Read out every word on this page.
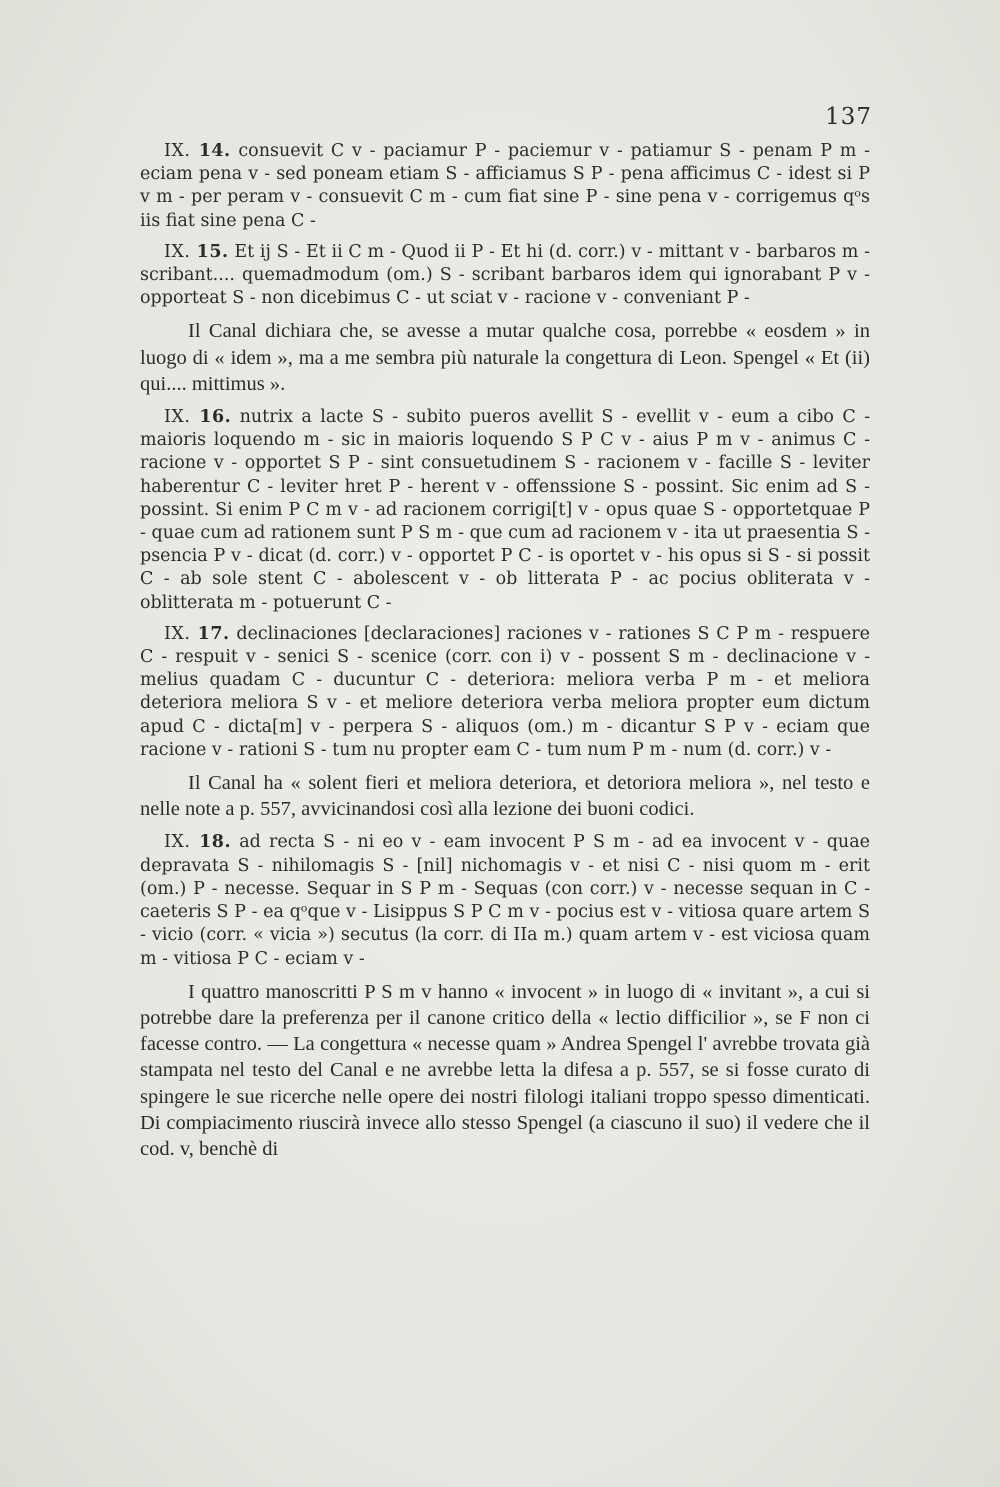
137

IX. 14. consuevit C v - paciamur P - paciemur v - patiamur S - penam P m - eciam pena v - sed poneam etiam S - afficiamus S P - pena afficimus C - idest si P v m - per peram v - consuevit C m - cum fiat sine P - sine pena v - corrigemus qᵒs iis fiat sine pena C -

IX. 15. Et ij S - Et ii C m - Quod ii P - Et hi (d. corr.) v - mittant v - barbaros m - scribant.... quemadmodum (om.) S - scribant barbaros idem qui ignorabant P v - opporteat S - non dicebimus C - ut sciat v - racione v - conveniant P -

Il Canal dichiara che, se avesse a mutar qualche cosa, porrebbe « eosdem » in luogo di « idem », ma a me sembra più naturale la congettura di Leon. Spengel « Et (ii) qui.... mittimus ».

IX. 16. nutrix a lacte S - subito pueros avellit S - evellit v - eum a cibo C - maioris loquendo m - sic in maioris loquendo S P C v - aius P m v - animus C - racione v - opportet S P - sint consuetudinem S - racionem v - facille S - leviter haberentur C - leviter hret P - herent v - offenssione S - possint. Sic enim ad S - possint. Si enim P C m v - ad racionem corrigi[t] v - opus quae S - opportetquae P - quae cum ad rationem sunt P S m - que cum ad racionem v - ita ut praesentia S - psencia P v - dicat (d. corr.) v - opportet P C - is oportet v - his opus si S - si possit C - ab sole stent C - abolescent v - ob litterata P - ac pocius obliterata v - oblitterata m - potuerunt C -

IX. 17. declinaciones [declaraciones] raciones v - rationes S C P m - respuere C - respuit v - senici S - scenice (corr. con i) v - possent S m - declinacione v - melius quadam C - ducuntur C - deteriora: meliora verba P m - et meliora deteriora meliora S v - et meliore deteriora verba meliora propter eum dictum apud C - dicta[m] v - perpera S - aliquos (om.) m - dicantur S P v - eciam que racione v - rationi S - tum nu propter eam C - tum num P m - num (d. corr.) v -

Il Canal ha « solent fieri et meliora deteriora, et detoriora meliora », nel testo e nelle note a p. 557, avvicinandosi così alla lezione dei buoni codici.

IX. 18. ad recta S - ni eo v - eam invocent P S m - ad ea invocent v - quae depravata S - nihilomagis S - [nil] nichomagis v - et nisi C - nisi quom m - erit (om.) P - necesse. Sequar in S P m - Sequas (con corr.) v - necesse sequan in C - caeteris S P - ea qᵒque v - Lisippus S P C m v - pocius est v - vitiosa quare artem S - vicio (corr. « vicia ») secutus (la corr. di IIa m.) quam artem v - est viciosa quam m - vitiosa P C - eciam v -

I quattro manoscritti P S m v hanno « invocent » in luogo di « invitant », a cui si potrebbe dare la preferenza per il canone critico della « lectio difficilior », se F non ci facesse contro. — La congettura « necesse quam » Andrea Spengel l' avrebbe trovata già stampata nel testo del Canal e ne avrebbe letta la difesa a p. 557, se si fosse curato di spingere le sue ricerche nelle opere dei nostri filologi italiani troppo spesso dimenticati. Di compiacimento riuscirà invece allo stesso Spengel (a ciascuno il suo) il vedere che il cod. v, benchè di
